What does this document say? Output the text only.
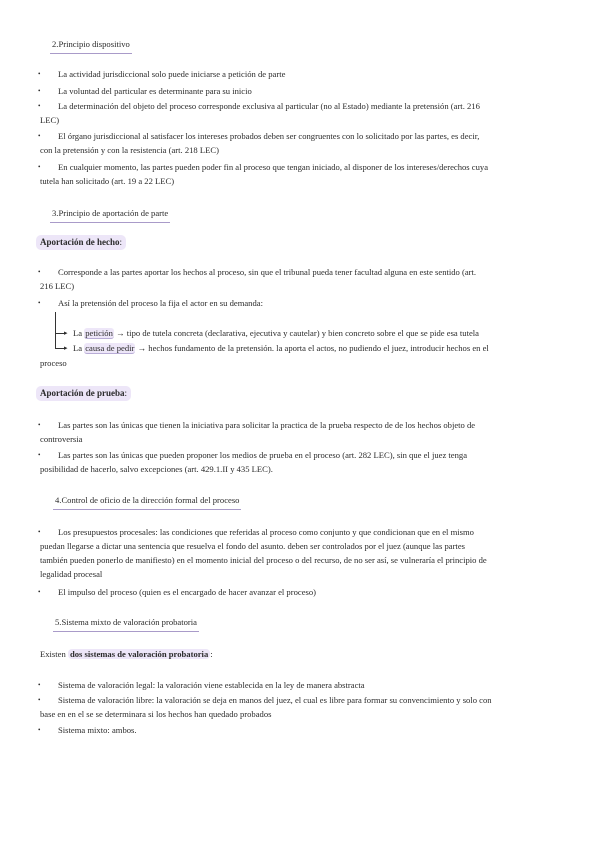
2.Principio dispositivo
•	La actividad jurisdiccional solo puede iniciarse a petición de parte
•	La voluntad del particular es determinante para su inicio
•	La determinación del objeto del proceso corresponde exclusiva al particular (no al Estado) mediante la pretensión (art. 216
LEC)
•	El órgano jurisdiccional al satisfacer los intereses probados deben ser congruentes con lo solicitado por las partes, es decir,
con la pretensión y con la resistencia (art. 218 LEC)
•	En cualquier momento, las partes pueden poder fin al proceso que tengan iniciado, al disponer de los intereses/derechos cuya
tutela han solicitado (art. 19 a 22 LEC)
3.Principio de aportación de parte
Aportación de hecho:
•	Corresponde a las partes aportar los hechos al proceso, sin que el tribunal pueda tener facultad alguna en este sentido (art.
216 LEC)
•	Así la pretensión del proceso la fija el actor en su demanda:
▸
▸
La petición → tipo de tutela concreta (declarativa, ejecutiva y cautelar) y bien concreto sobre el que se pide esa tutela
La causa de pedir → hechos fundamento de la pretensión. la aporta el actos, no pudiendo el juez, introducir hechos en el
proceso
Aportación de prueba:
•	Las partes son las únicas que tienen la iniciativa para solicitar la practica de la prueba respecto de de los hechos objeto de
controversia
•	Las partes son las únicas que pueden proponer los medios de prueba en el proceso (art. 282 LEC), sin que el juez tenga
posibilidad de hacerlo, salvo excepciones (art. 429.1.II y 435 LEC).
4.Control de oficio de la dirección formal del proceso
•	Los presupuestos procesales: las condiciones que referidas al proceso como conjunto y que condicionan que en el mismo
puedan llegarse a dictar una sentencia que resuelva el fondo del asunto. deben ser controlados por el juez (aunque las partes
también pueden ponerlo de manifiesto) en el momento inicial del proceso o del recurso, de no ser así, se vulneraría el principio de
legalidad procesal
•	El impulso del proceso (quien es el encargado de hacer avanzar el proceso)
5.Sistema mixto de valoración probatoria
Existen dos sistemas de valoración probatoria :
•	Sistema de valoración legal: la valoración viene establecida en la ley de manera abstracta
•	Sistema de valoración libre: la valoración se deja en manos del juez, el cual es libre para formar su convencimiento y solo con
base en en el se se determinara si los hechos han quedado probados
•	Sistema mixto: ambos.
